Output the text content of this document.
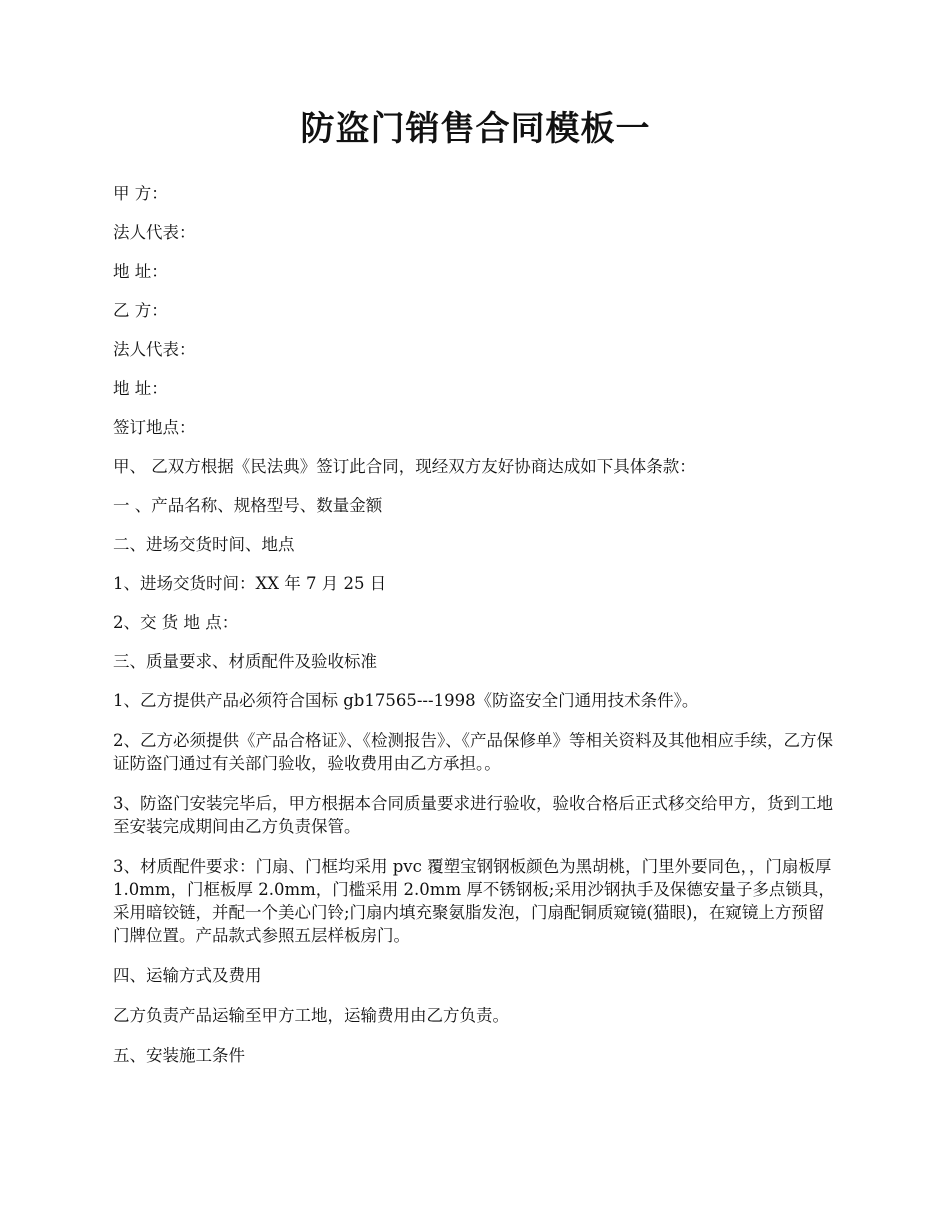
防盗门销售合同模板一

甲 方：

法人代表：

地 址：

乙 方：

法人代表：

地 址：

签订地点：

甲、 乙双方根据《民法典》签订此合同，现经双方友好协商达成如下具体条款：

一 、产品名称、规格型号、数量金额

二、进场交货时间、地点

1、进场交货时间：XX 年 7 月 25 日

2、交 货 地 点：

三、质量要求、材质配件及验收标准

1、乙方提供产品必须符合国标 gb17565---1998《防盗安全门通用技术条件》。

2、乙方必须提供《产品合格证》、《检测报告》、《产品保修单》等相关资料及其他相应手续，乙方保证防盗门通过有关部门验收，验收费用由乙方承担。。

3、防盗门安装完毕后，甲方根据本合同质量要求进行验收，验收合格后正式移交给甲方，货到工地至安装完成期间由乙方负责保管。

3、材质配件要求：门扇、门框均采用 pvc 覆塑宝钢钢板颜色为黑胡桃，门里外要同色，，门扇板厚 1.0mm，门框板厚 2.0mm，门槛采用 2.0mm 厚不锈钢板;采用沙钢执手及保德安量子多点锁具，采用暗铰链，并配一个美心门铃;门扇内填充聚氨脂发泡，门扇配铜质窥镜(猫眼)，在窥镜上方预留门牌位置。产品款式参照五层样板房门。

四、运输方式及费用

乙方负责产品运输至甲方工地，运输费用由乙方负责。

五、安装施工条件
